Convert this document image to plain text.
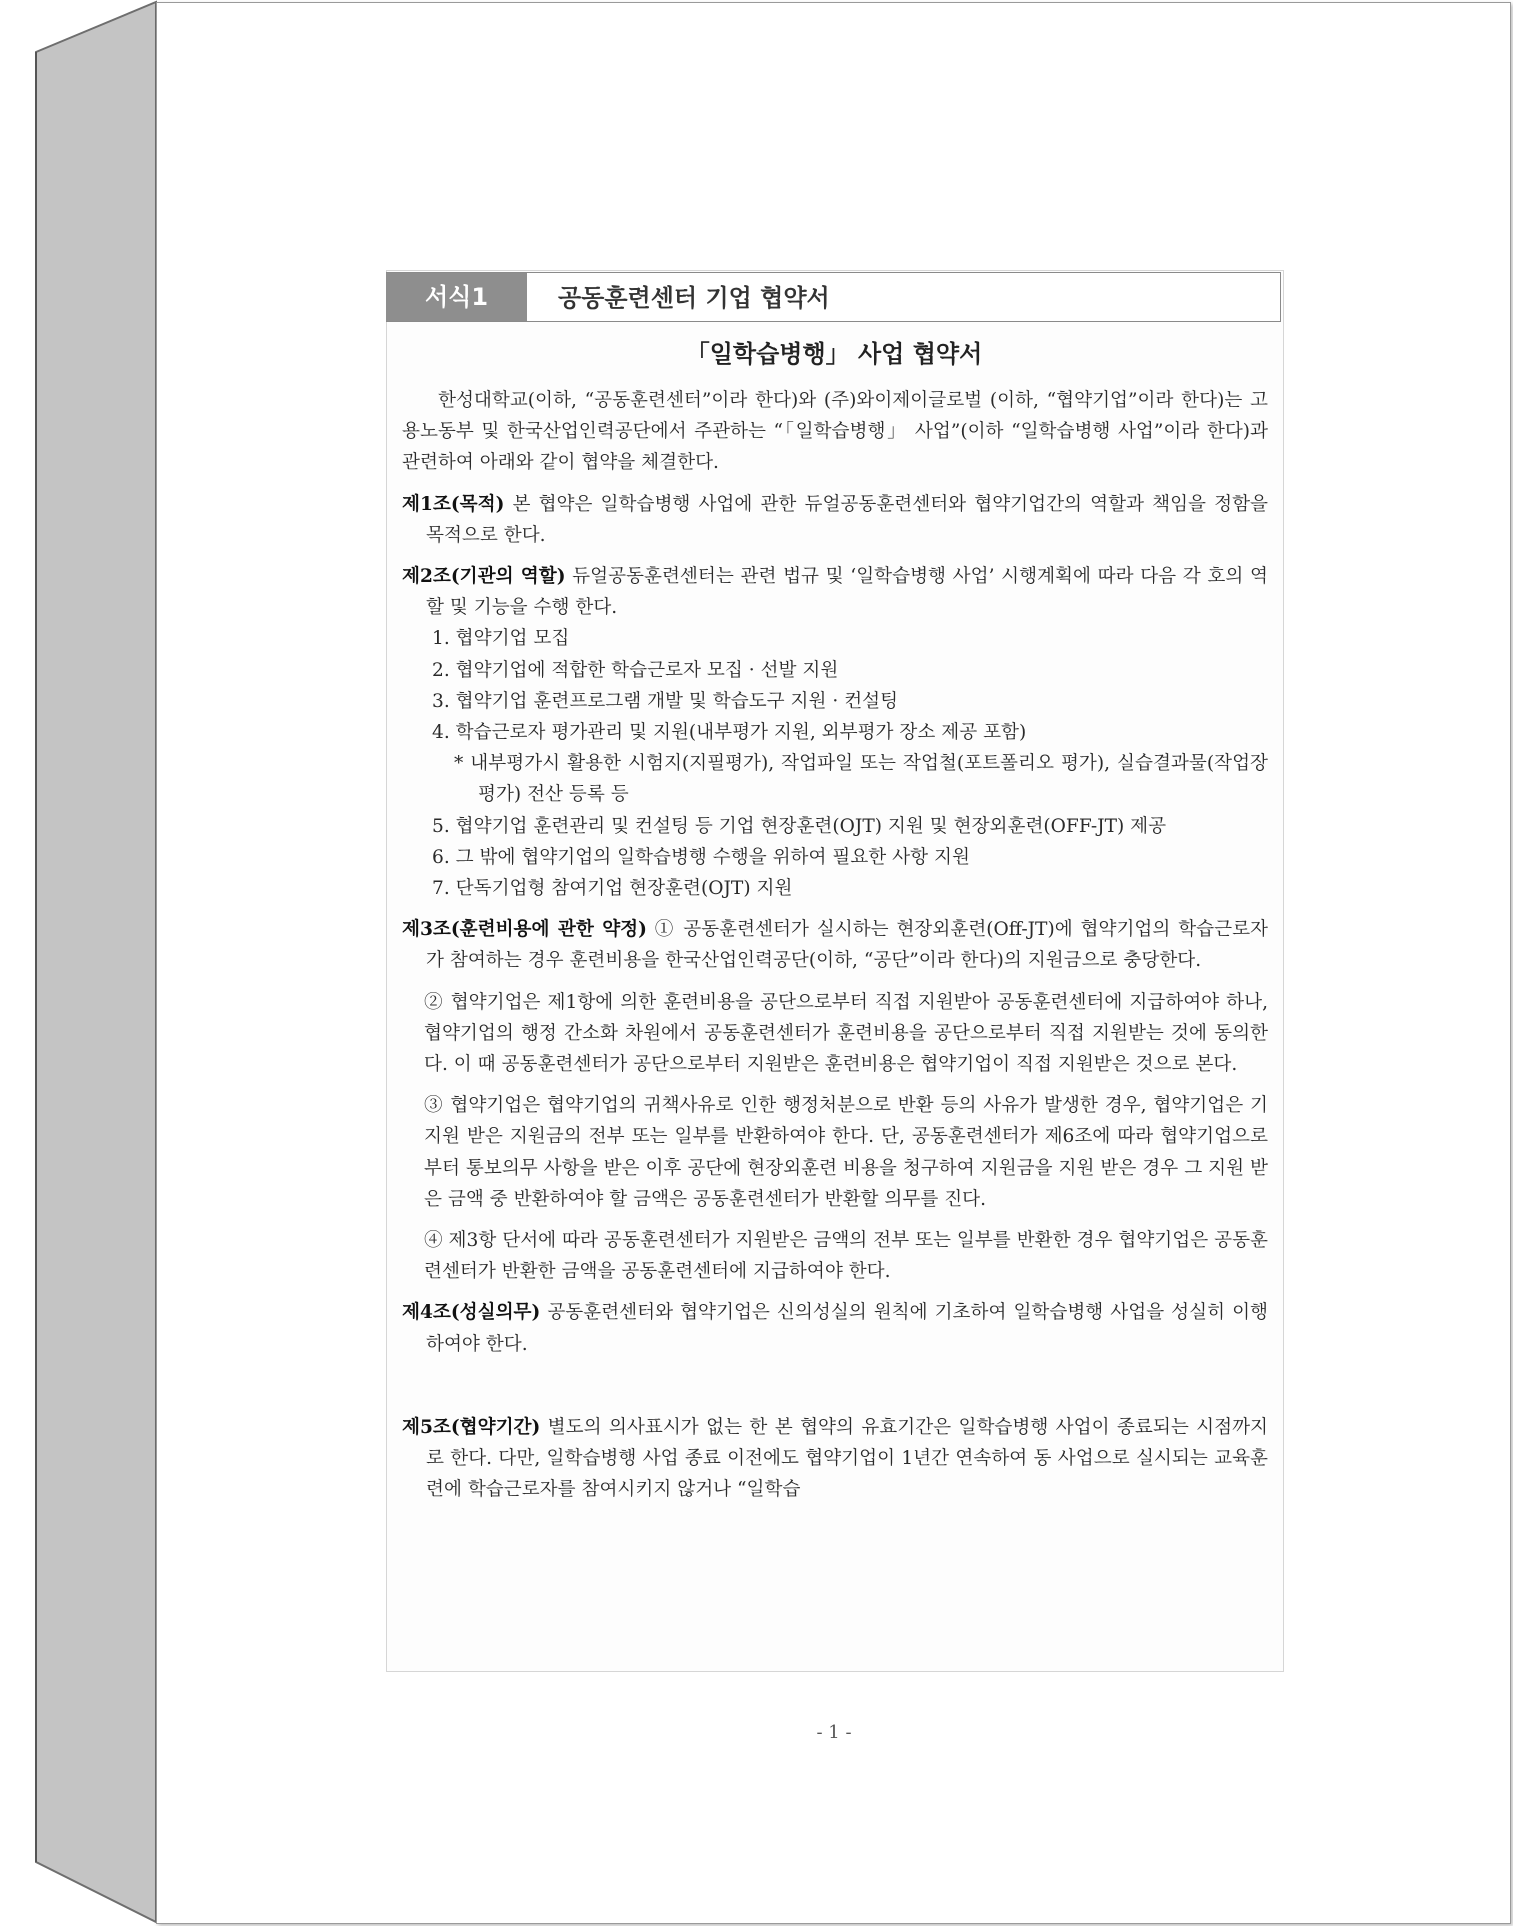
서식1	공동훈련센터 기업 협약서
「일학습병행」 사업 협약서

한성대학교(이하, “공동훈련센터”이라 한다)와 (주)와이제이글로벌 (이하, “협약기업”이라 한다)는 고용노동부 및 한국산업인력공단에서 주관하는 “「일학습병행」 사업”(이하 “일학습병행 사업”이라 한다)과 관련하여 아래와 같이 협약을 체결한다.

제1조(목적) 본 협약은 일학습병행 사업에 관한 듀얼공동훈련센터와 협약기업간의 역할과 책임을 정함을 목적으로 한다.

제2조(기관의 역할) 듀얼공동훈련센터는 관련 법규 및 ‘일학습병행 사업’ 시행계획에 따라 다음 각 호의 역할 및 기능을 수행 한다.

1. 협약기업 모집

2. 협약기업에 적합한 학습근로자 모집 · 선발 지원

3. 협약기업 훈련프로그램 개발 및 학습도구 지원 · 컨설팅

4. 학습근로자 평가관리 및 지원(내부평가 지원, 외부평가 장소 제공 포함)

* 내부평가시 활용한 시험지(지필평가), 작업파일 또는 작업철(포트폴리오 평가), 실습결과물(작업장 평가) 전산 등록 등

5. 협약기업 훈련관리 및 컨설팅 등 기업 현장훈련(OJT) 지원 및 현장외훈련(OFF-JT) 제공

6. 그 밖에 협약기업의 일학습병행 수행을 위하여 필요한 사항 지원

7. 단독기업형 참여기업 현장훈련(OJT) 지원

제3조(훈련비용에 관한 약정) ① 공동훈련센터가 실시하는 현장외훈련(Off-JT)에 협약기업의 학습근로자가 참여하는 경우 훈련비용을 한국산업인력공단(이하, “공단”이라 한다)의 지원금으로 충당한다.

② 협약기업은 제1항에 의한 훈련비용을 공단으로부터 직접 지원받아 공동훈련센터에 지급하여야 하나, 협약기업의 행정 간소화 차원에서 공동훈련센터가 훈련비용을 공단으로부터 직접 지원받는 것에 동의한다. 이 때 공동훈련센터가 공단으로부터 지원받은 훈련비용은 협약기업이 직접 지원받은 것으로 본다.

③ 협약기업은 협약기업의 귀책사유로 인한 행정처분으로 반환 등의 사유가 발생한 경우, 협약기업은 기지원 받은 지원금의 전부 또는 일부를 반환하여야 한다. 단, 공동훈련센터가 제6조에 따라 협약기업으로부터 통보의무 사항을 받은 이후 공단에 현장외훈련 비용을 청구하여 지원금을 지원 받은 경우 그 지원 받은 금액 중 반환하여야 할 금액은 공동훈련센터가 반환할 의무를 진다.

④ 제3항 단서에 따라 공동훈련센터가 지원받은 금액의 전부 또는 일부를 반환한 경우 협약기업은 공동훈련센터가 반환한 금액을 공동훈련센터에 지급하여야 한다.

제4조(성실의무) 공동훈련센터와 협약기업은 신의성실의 원칙에 기초하여 일학습병행 사업을 성실히 이행하여야 한다.

제5조(협약기간) 별도의 의사표시가 없는 한 본 협약의 유효기간은 일학습병행 사업이 종료되는 시점까지로 한다. 다만, 일학습병행 사업 종료 이전에도 협약기업이 1년간 연속하여 동 사업으로 실시되는 교육훈련에 학습근로자를 참여시키지 않거나 “일학습

- 1 -
